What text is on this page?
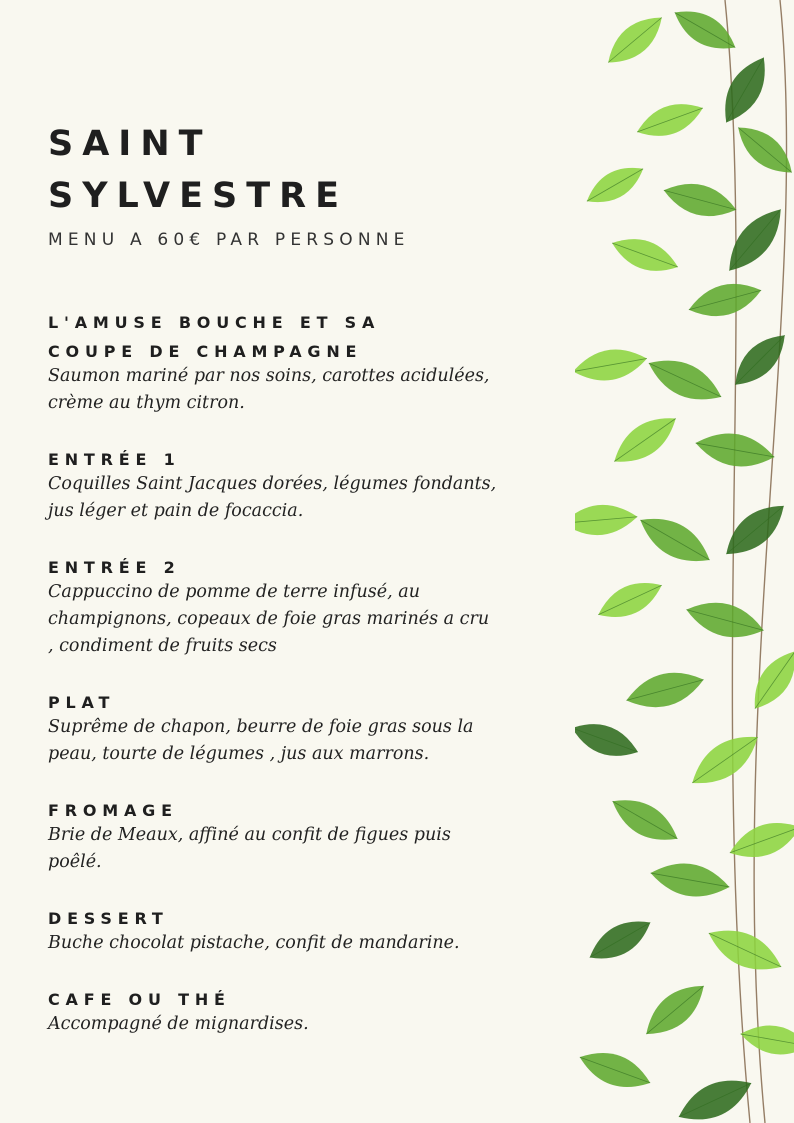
SAINT
SYLVESTRE

MENU A 60€ PAR PERSONNE

L'AMUSE BOUCHE ET SA
COUPE DE CHAMPAGNE

Saumon mariné par nos soins, carottes acidulées,
crème au thym citron.

ENTRÉE 1

Coquilles Saint Jacques dorées, légumes fondants,
jus léger et pain de focaccia.

ENTRÉE 2

Cappuccino de pomme de terre infusé, au
champignons, copeaux de foie gras marinés a cru
, condiment de fruits secs

PLAT

Suprême de chapon, beurre de foie gras sous la
peau, tourte de légumes , jus aux marrons.

FROMAGE

Brie de Meaux, affiné au confit de figues puis
poêlé.

DESSERT

Buche chocolat pistache, confit de mandarine.

CAFE OU THÉ

Accompagné de mignardises.
